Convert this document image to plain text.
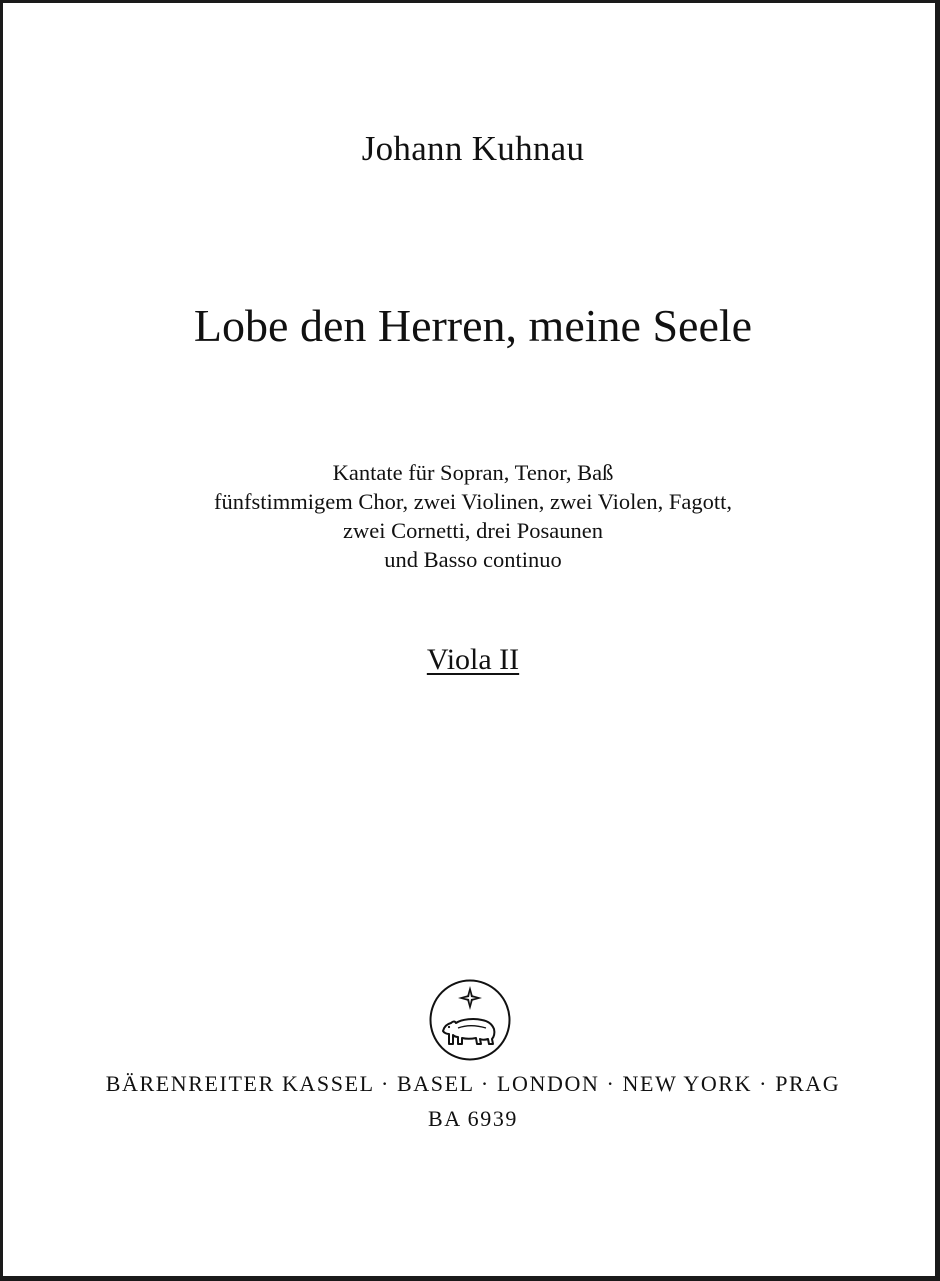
Johann Kuhnau
Lobe den Herren, meine Seele
Kantate für Sopran, Tenor, Baß
fünfstimmigem Chor, zwei Violinen, zwei Violen, Fagott,
zwei Cornetti, drei Posaunen
und Basso continuo
Viola II
BÄRENREITER KASSEL · BASEL · LONDON · NEW YORK · PRAG
BA 6939
